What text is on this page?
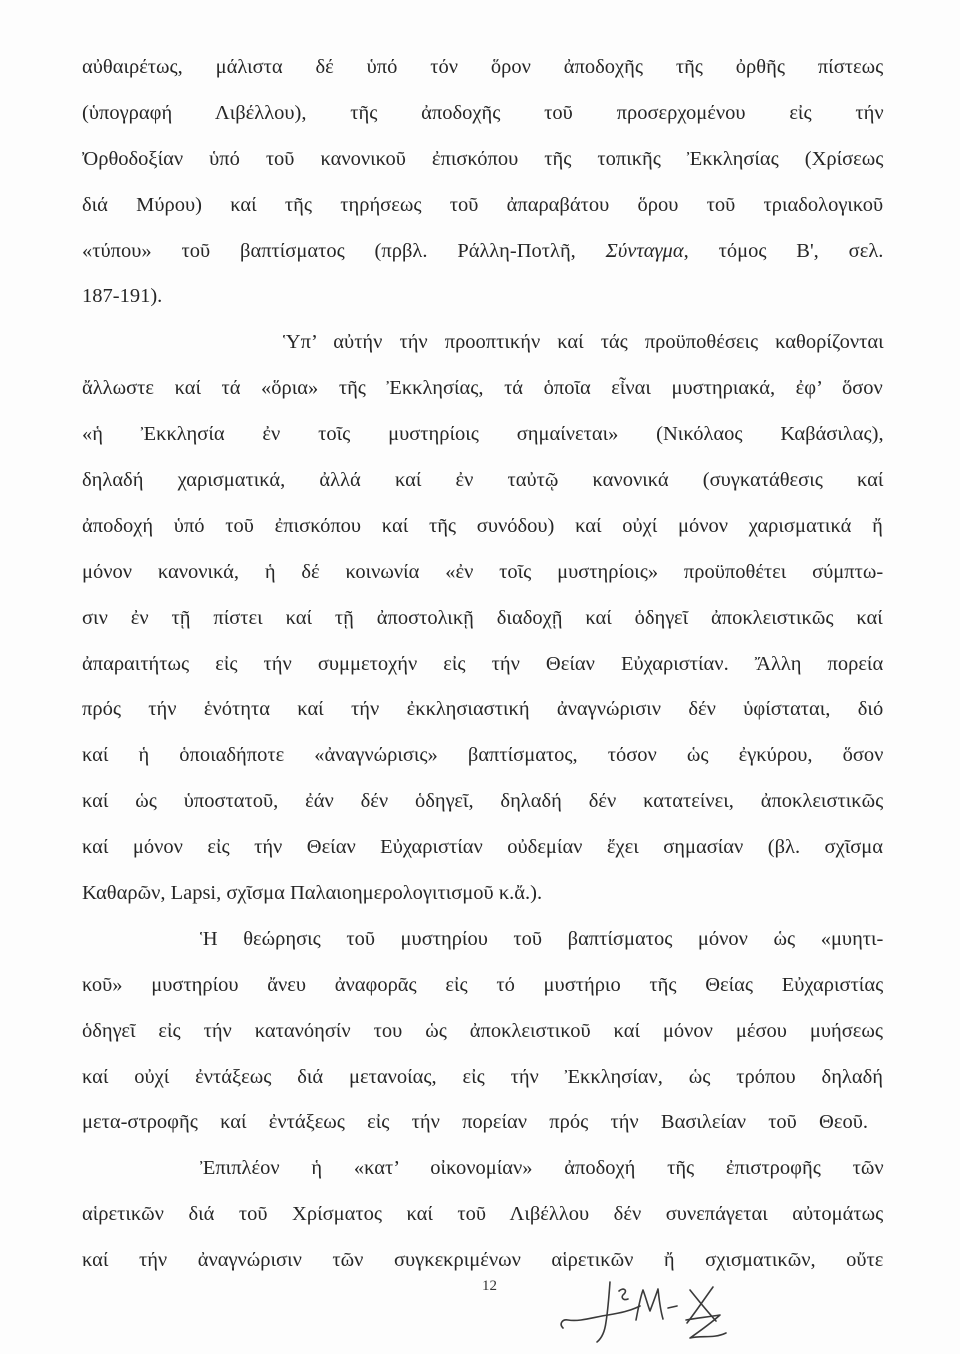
αὐθαιρέτως, μάλιστα δέ ὑπό τόν ὅρον ἀποδοχῆς τῆς ὀρθῆς πίστεως
(ὑπογραφή Λιβέλλου), τῆς ἀποδοχῆς τοῦ προσερχομένου εἰς τήν
Ὀρθοδοξίαν ὑπό τοῦ κανονικοῦ ἐπισκόπου τῆς τοπικῆς Ἐκκλησίας (Χρίσεως
διά Μύρου) καί τῆς τηρήσεως τοῦ ἀπαραβάτου ὅρου τοῦ τριαδολογικοῦ
«τύπου» τοῦ βαπτίσματος (πρβλ. Ράλλη-Ποτλῆ, Σύνταγμα, τόμος Β', σελ.
187-191).
Ὑπ’ αὐτήν τήν προοπτικήν καί τάς προϋποθέσεις καθορίζονται
ἄλλωστε καί τά «ὅρια» τῆς Ἐκκλησίας, τά ὁποῖα εἶναι μυστηριακά, ἐφ’ ὅσον
«ἡ Ἐκκλησία ἐν τοῖς μυστηρίοις σημαίνεται» (Νικόλαος Καβάσιλας),
δηλαδή χαρισματικά, ἀλλά καί ἐν ταὐτῷ κανονικά (συγκατάθεσις καί
ἀποδοχή ὑπό τοῦ ἐπισκόπου καί τῆς συνόδου) καί οὐχί μόνον χαρισματικά ἤ
μόνον κανονικά, ἡ δέ κοινωνία «ἐν τοῖς μυστηρίοις» προϋποθέτει σύμπτω-
σιν ἐν τῇ πίστει καί τῇ ἀποστολικῇ διαδοχῇ καί ὁδηγεῖ ἀποκλειστικῶς καί
ἀπαραιτήτως εἰς τήν συμμετοχήν εἰς τήν Θείαν Εὐχαριστίαν. Ἄλλη πορεία
πρός τήν ἑνότητα καί τήν ἐκκλησιαστική ἀναγνώρισιν δέν ὑφίσταται, διό
καί ἡ ὁποιαδήποτε «ἀναγνώρισις» βαπτίσματος, τόσον ὡς ἐγκύρου, ὅσον
καί ὡς ὑποστατοῦ, ἐάν δέν ὁδηγεῖ, δηλαδή δέν κατατείνει, ἀποκλειστικῶς
καί μόνον εἰς τήν Θείαν Εὐχαριστίαν οὐδεμίαν ἔχει σημασίαν (βλ. σχῖσμα
Καθαρῶν, Lapsi, σχῖσμα Παλαιοημερολογιτισμοῦ κ.ἄ.).
Ἡ θεώρησις τοῦ μυστηρίου τοῦ βαπτίσματος μόνον ὡς «μυητι-
κοῦ» μυστηρίου ἄνευ ἀναφορᾶς εἰς τό μυστήριο τῆς Θείας Εὐχαριστίας
ὁδηγεῖ εἰς τήν κατανόησίν του ὡς ἀποκλειστικοῦ καί μόνον μέσου μυήσεως
καί οὐχί ἐντάξεως διά μετανοίας, εἰς τήν Ἐκκλησίαν, ὡς τρόπου δηλαδή
μετα-στροφῆς καί ἐντάξεως εἰς τήν πορείαν πρός τήν Βασιλείαν τοῦ Θεοῦ.
Ἐπιπλέον ἡ «κατ’ οἰκονομίαν» ἀποδοχή τῆς ἐπιστροφῆς τῶν
αἱρετικῶν διά τοῦ Χρίσματος καί τοῦ Λιβέλλου δέν συνεπάγεται αὐτομάτως
καί τήν ἀναγνώρισιν τῶν συγκεκριμένων αἱρετικῶν ἤ σχισματικῶν, οὔτε
12
